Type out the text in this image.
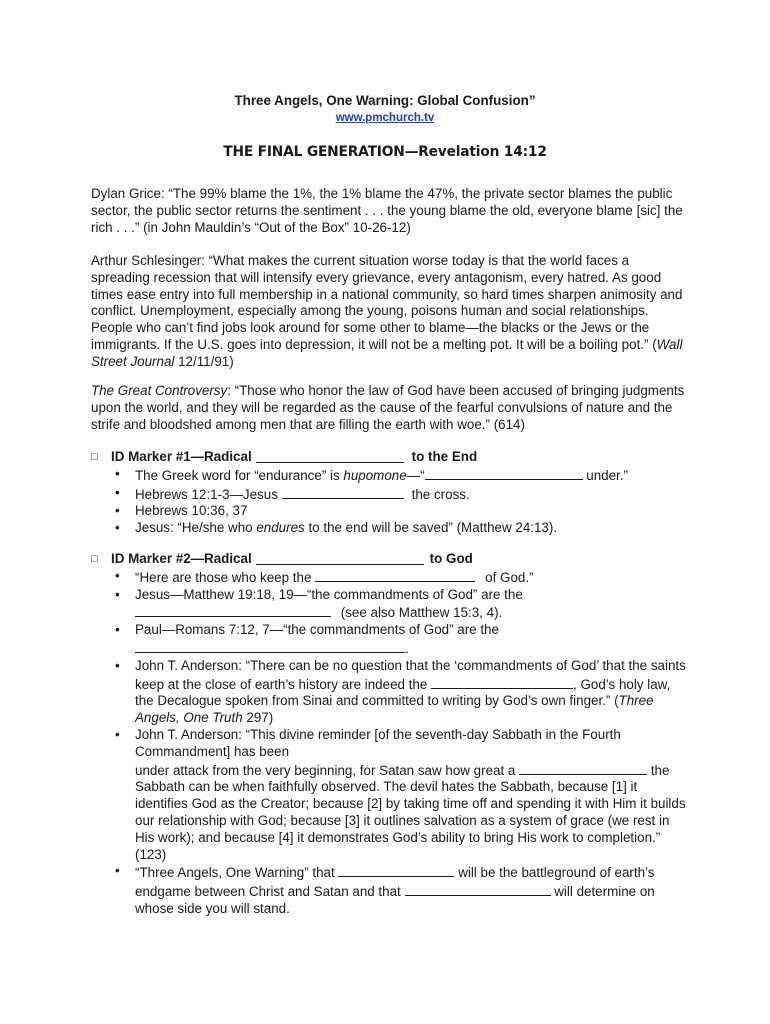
Three Angels, One Warning: Global Confusion”
www.pmchurch.tv
THE FINAL GENERATION—Revelation 14:12

Dylan Grice: “The 99% blame the 1%, the 1% blame the 47%, the private sector blames the public sector, the public sector returns the sentiment . . . the young blame the old, everyone blame [sic] the rich . . .” (in John Mauldin’s “Out of the Box” 10-26-12)

Arthur Schlesinger: “What makes the current situation worse today is that the world faces a spreading recession that will intensify every grievance, every antagonism, every hatred. As good times ease entry into full membership in a national community, so hard times sharpen animosity and conflict. Unemployment, especially among the young, poisons human and social relationships. People who can’t find jobs look around for some other to blame—the blacks or the Jews or the immigrants. If the U.S. goes into depression, it will not be a melting pot. It will be a boiling pot.” (Wall Street Journal 12/11/91)

The Great Controversy: “Those who honor the law of God have been accused of bringing judgments upon the world, and they will be regarded as the cause of the fearful convulsions of nature and the strife and bloodshed among men that are filling the earth with woe.” (614)

□ ID Marker #1—Radical	to the End
• The Greek word for “endurance” is hupomone—“	under.”
• Hebrews 12:1-3—Jesus	the cross.
• Hebrews 10:36, 37
• Jesus: “He/she who endures to the end will be saved” (Matthew 24:13).
□ ID Marker #2—Radical	to God
• “Here are those who keep the	of God.”
• Jesus—Matthew 19:18, 19—“the commandments of God” are the
(see also Matthew 15:3, 4).
• Paul—Romans 7:12, 7—“the commandments of God” are the
.
• John T. Anderson: “There can be no question that the ‘commandments of God’ that the saints keep at the close of earth’s history are indeed the	, God’s holy law, the Decalogue spoken from Sinai and committed to writing by God’s own finger.” (Three Angels, One Truth 297)
• John T. Anderson: “This divine reminder [of the seventh-day Sabbath in the Fourth Commandment] has been
under attack from the very beginning, for Satan saw how great a	the Sabbath can be when faithfully observed. The devil hates the Sabbath, because [1] it identifies God as the Creator; because [2] by taking time off and spending it with Him it builds our relationship with God; because [3] it outlines salvation as a system of grace (we rest in His work); and because [4] it demonstrates God’s ability to bring His work to completion.” (123)
• “Three Angels, One Warning” that	will be the battleground of earth’s endgame between Christ and Satan and that	will determine on whose side you will stand.
